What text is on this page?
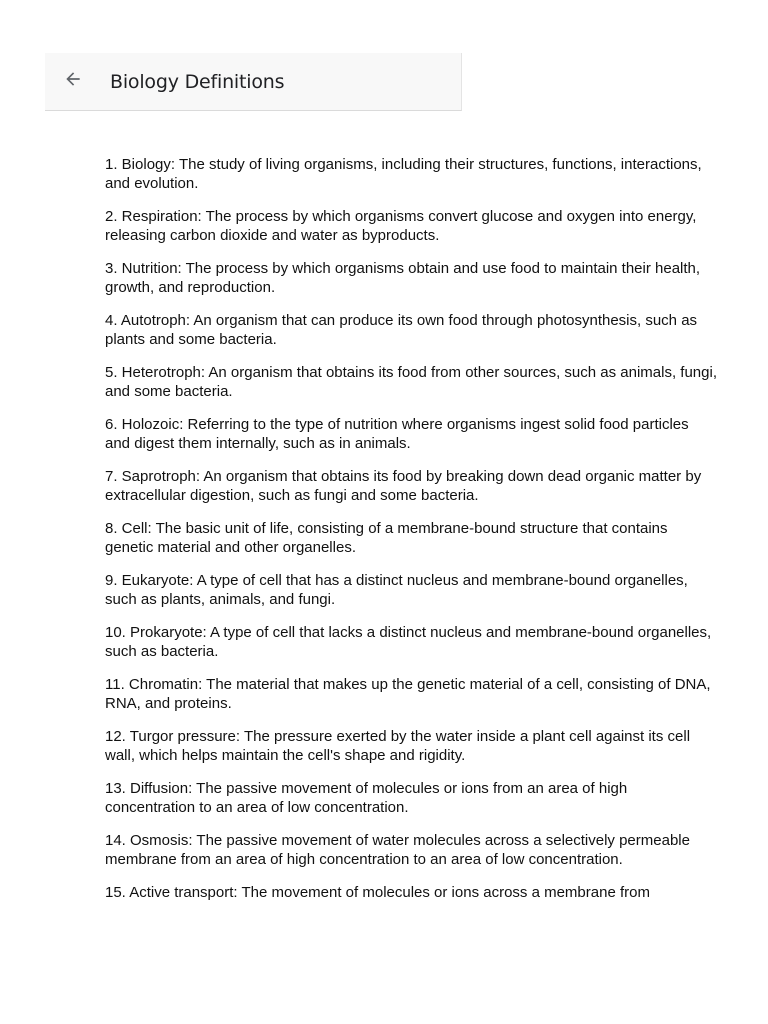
Biology Definitions

1. Biology: The study of living organisms, including their structures, functions, interactions, and evolution.

2. Respiration: The process by which organisms convert glucose and oxygen into energy, releasing carbon dioxide and water as byproducts.

3. Nutrition: The process by which organisms obtain and use food to maintain their health, growth, and reproduction.

4. Autotroph: An organism that can produce its own food through photosynthesis, such as plants and some bacteria.

5. Heterotroph: An organism that obtains its food from other sources, such as animals, fungi, and some bacteria.

6. Holozoic: Referring to the type of nutrition where organisms ingest solid food particles and digest them internally, such as in animals.

7. Saprotroph: An organism that obtains its food by breaking down dead organic matter by extracellular digestion, such as fungi and some bacteria.

8. Cell: The basic unit of life, consisting of a membrane-bound structure that contains genetic material and other organelles.

9. Eukaryote: A type of cell that has a distinct nucleus and membrane-bound organelles, such as plants, animals, and fungi.

10. Prokaryote: A type of cell that lacks a distinct nucleus and membrane-bound organelles, such as bacteria.

11. Chromatin: The material that makes up the genetic material of a cell, consisting of DNA, RNA, and proteins.

12. Turgor pressure: The pressure exerted by the water inside a plant cell against its cell wall, which helps maintain the cell's shape and rigidity.

13. Diffusion: The passive movement of molecules or ions from an area of high concentration to an area of low concentration.

14. Osmosis: The passive movement of water molecules across a selectively permeable membrane from an area of high concentration to an area of low concentration.

15. Active transport: The movement of molecules or ions across a membrane from
